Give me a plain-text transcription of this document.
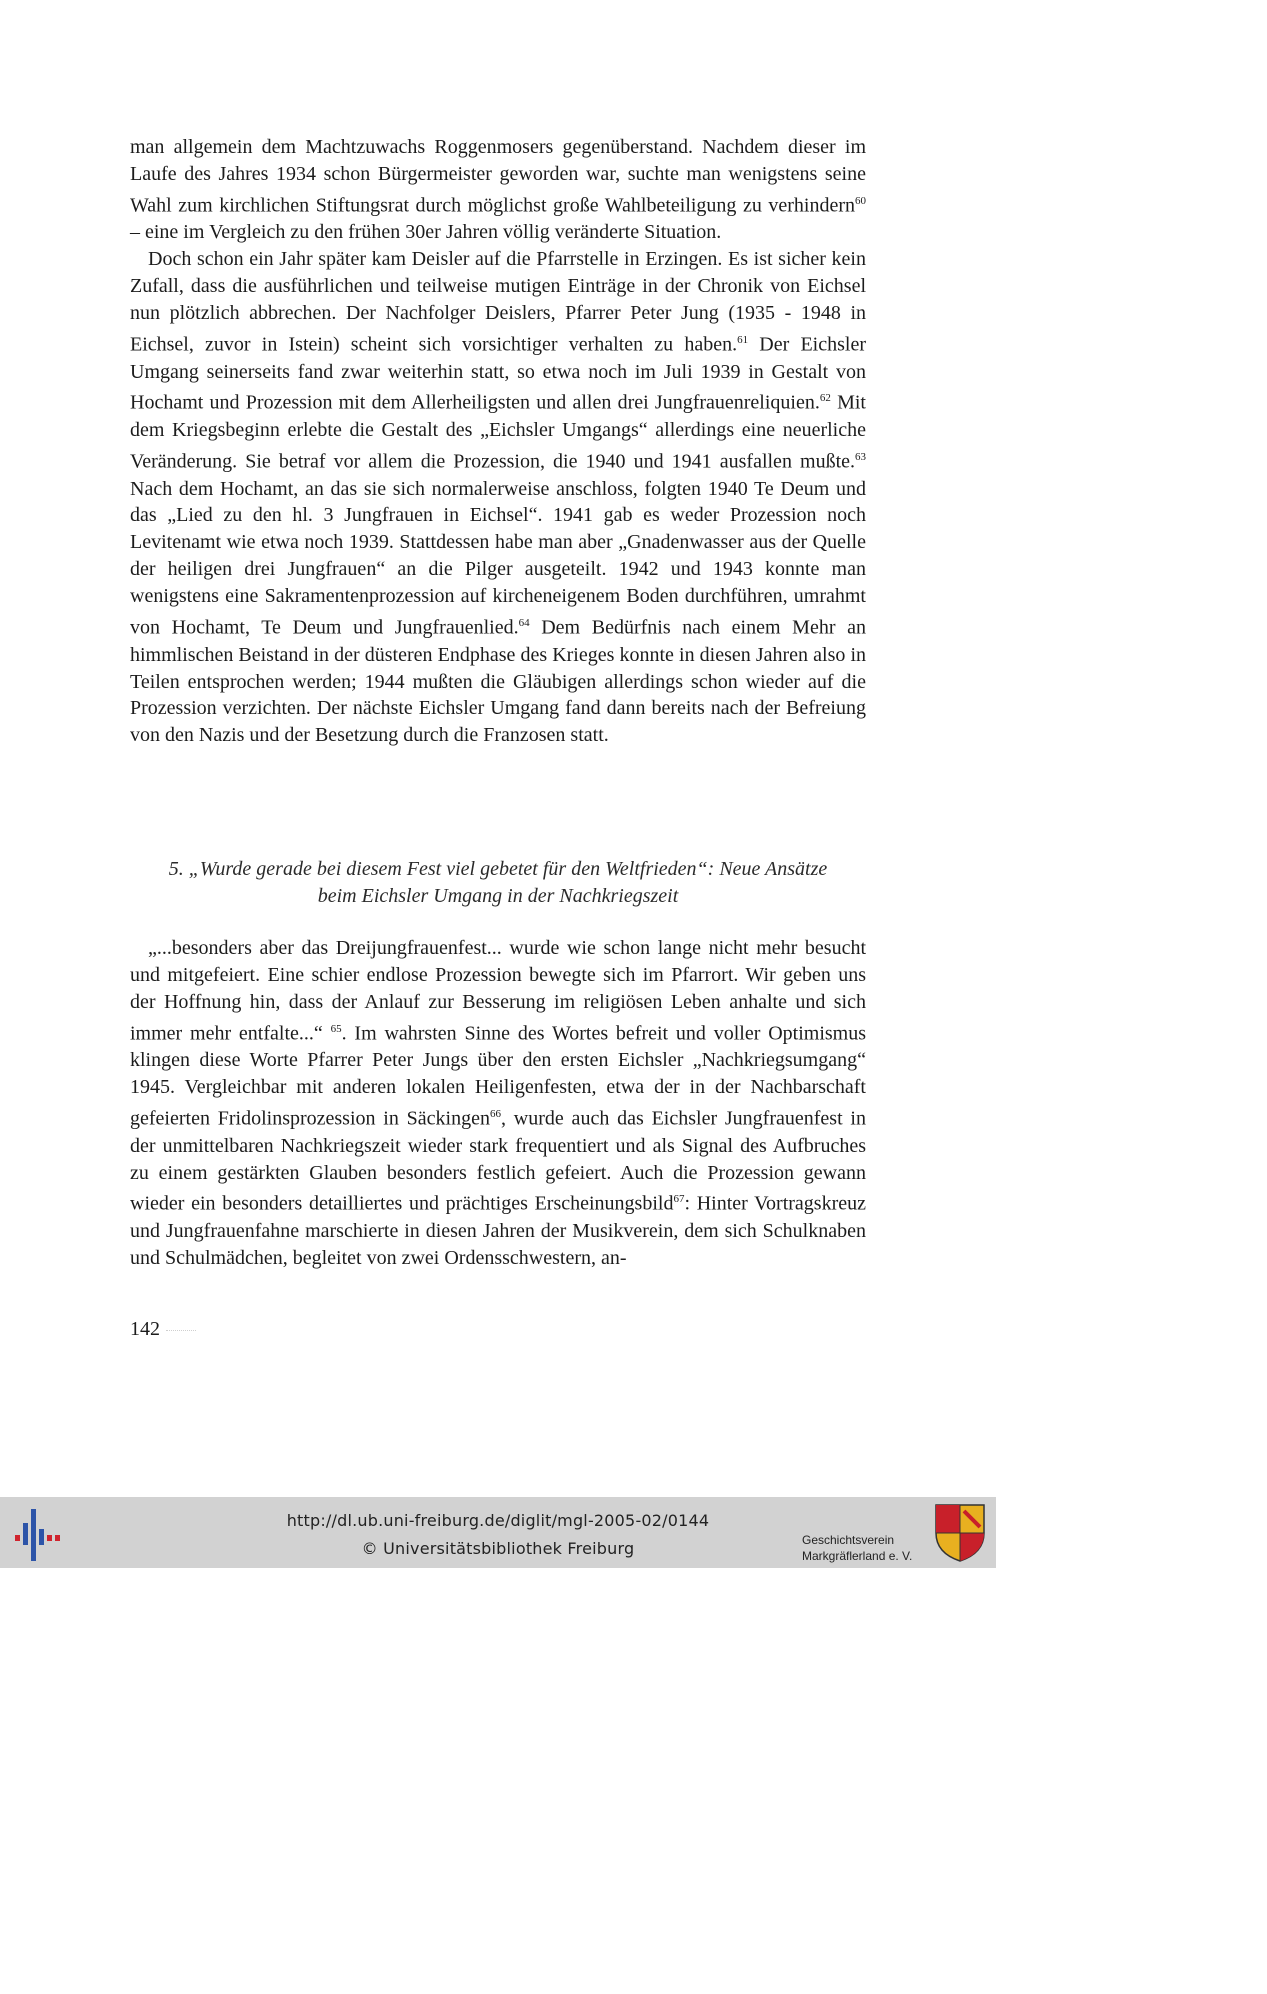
man allgemein dem Machtzuwachs Roggenmosers gegenüberstand. Nachdem dieser im Laufe des Jahres 1934 schon Bürgermeister geworden war, suchte man wenigstens seine Wahl zum kirchlichen Stiftungsrat durch möglichst große Wahlbeteiligung zu verhindern$^{60}$ – eine im Vergleich zu den frühen 30er Jahren völlig veränderte Situation.

Doch schon ein Jahr später kam Deisler auf die Pfarrstelle in Erzingen. Es ist sicher kein Zufall, dass die ausführlichen und teilweise mutigen Einträge in der Chronik von Eichsel nun plötzlich abbrechen. Der Nachfolger Deislers, Pfarrer Peter Jung (1935 - 1948 in Eichsel, zuvor in Istein) scheint sich vorsichtiger verhalten zu haben.$^{61}$ Der Eichsler Umgang seinerseits fand zwar weiterhin statt, so etwa noch im Juli 1939 in Gestalt von Hochamt und Prozession mit dem Allerheiligsten und allen drei Jungfrauenreliquien.$^{62}$ Mit dem Kriegsbeginn erlebte die Gestalt des „Eichsler Umgangs“ allerdings eine neuerliche Veränderung. Sie betraf vor allem die Prozession, die 1940 und 1941 ausfallen mußte.$^{63}$ Nach dem Hochamt, an das sie sich normalerweise anschloss, folgten 1940 Te Deum und das „Lied zu den hl. 3 Jungfrauen in Eichsel“. 1941 gab es weder Prozession noch Levitenamt wie etwa noch 1939. Stattdessen habe man aber „Gnadenwasser aus der Quelle der heiligen drei Jungfrauen“ an die Pilger ausgeteilt. 1942 und 1943 konnte man wenigstens eine Sakramentenprozession auf kircheneigenem Boden durchführen, umrahmt von Hochamt, Te Deum und Jungfrauenlied.$^{64}$ Dem Bedürfnis nach einem Mehr an himmlischen Beistand in der düsteren Endphase des Krieges konnte in diesen Jahren also in Teilen entsprochen werden; 1944 mußten die Gläubigen allerdings schon wieder auf die Prozession verzichten. Der nächste Eichsler Umgang fand dann bereits nach der Befreiung von den Nazis und der Besetzung durch die Franzosen statt.

5. „Wurde gerade bei diesem Fest viel gebetet für den Weltfrieden“: Neue Ansätze
beim Eichsler Umgang in der Nachkriegszeit

„...besonders aber das Dreijungfrauenfest... wurde wie schon lange nicht mehr besucht und mitgefeiert. Eine schier endlose Prozession bewegte sich im Pfarrort. Wir geben uns der Hoffnung hin, dass der Anlauf zur Besserung im religiösen Leben anhalte und sich immer mehr entfalte...“ $^{65}$. Im wahrsten Sinne des Wortes befreit und voller Optimismus klingen diese Worte Pfarrer Peter Jungs über den ersten Eichsler „Nachkriegsumgang“ 1945. Vergleichbar mit anderen lokalen Heiligenfesten, etwa der in der Nachbarschaft gefeierten Fridolinsprozession in Säckingen$^{66}$, wurde auch das Eichsler Jungfrauenfest in der unmittelbaren Nachkriegszeit wieder stark frequentiert und als Signal des Aufbruches zu einem gestärkten Glauben besonders festlich gefeiert. Auch die Prozession gewann wieder ein besonders detailliertes und prächtiges Erscheinungsbild$^{67}$: Hinter Vortragskreuz und Jungfrauenfahne marschierte in diesen Jahren der Musikverein, dem sich Schulknaben und Schulmädchen, begleitet von zwei Ordensschwestern, an-

142
http://dl.ub.uni-freiburg.de/diglit/mgl-2005-02/0144
© Universitätsbibliothek Freiburg	Geschichtsverein
Markgräflerland e. V.
